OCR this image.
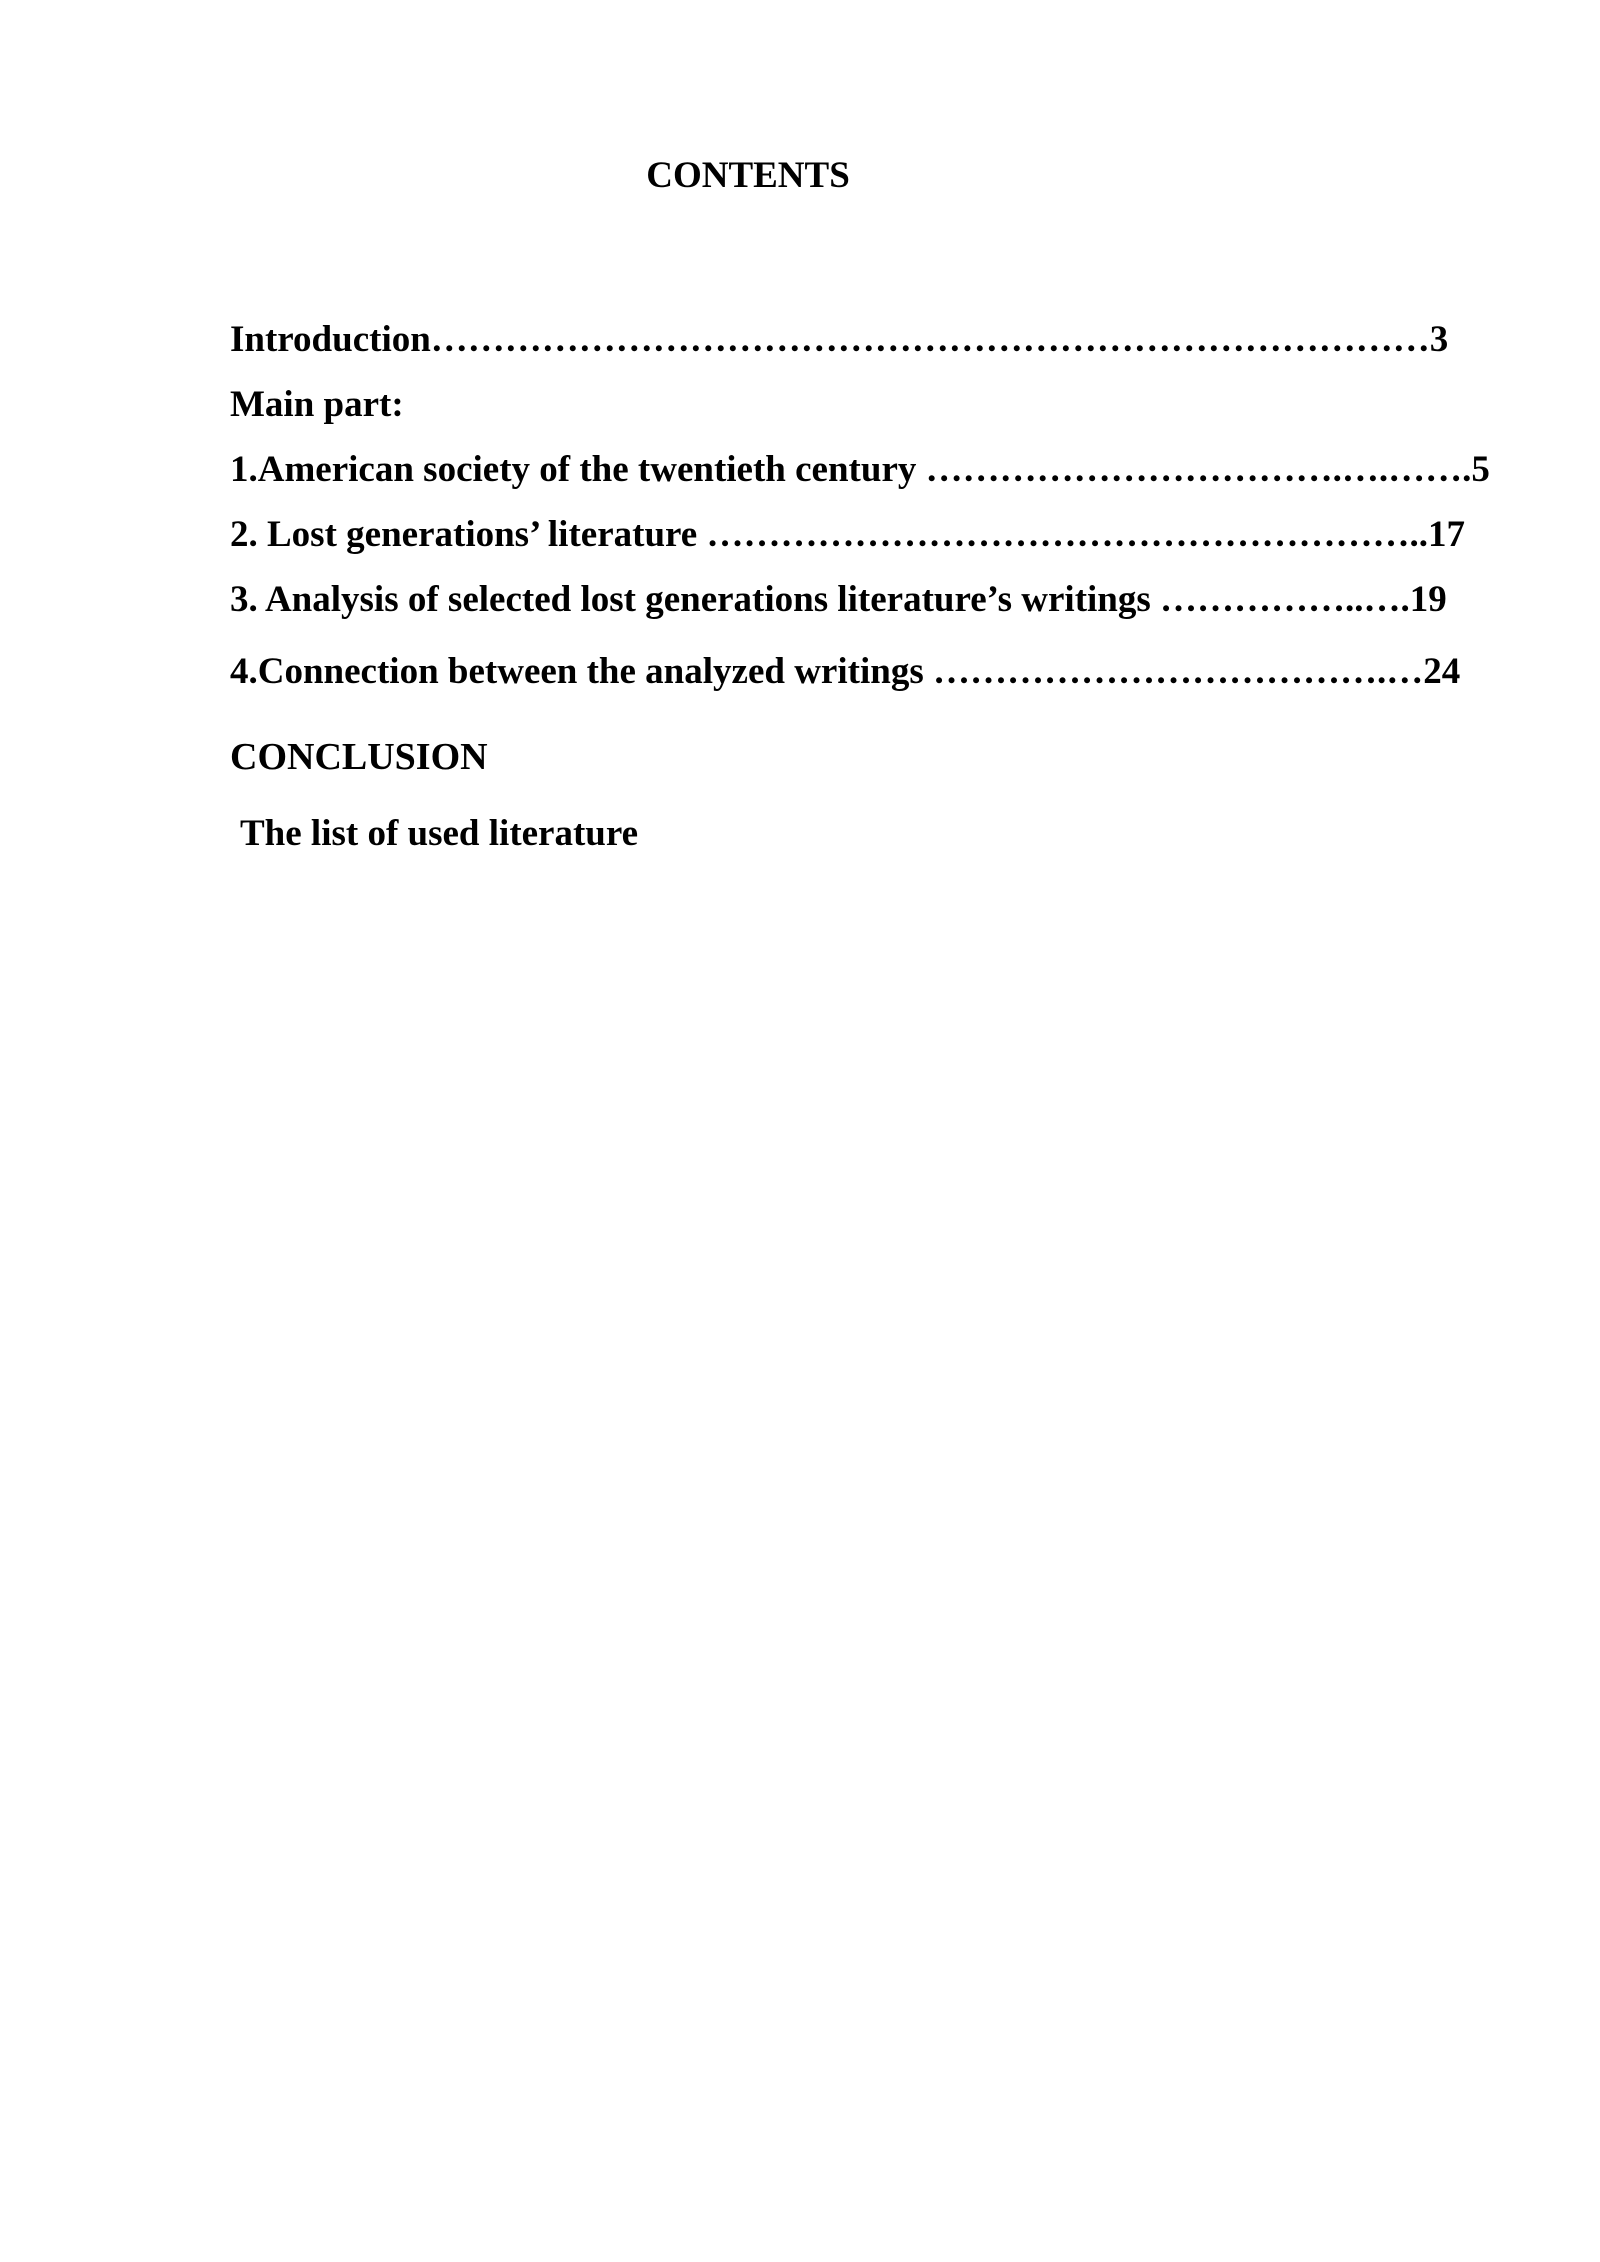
CONTENTS
Introduction………………………………………………………………………3
Main part:
1.American society of the twentieth century …………………………….….…….5
2. Lost generations’ literature …………………………………………………..17
3. Analysis of selected lost generations literature’s writings ……………..….19
4.Connection between the analyzed writings ……………………………….…24
CONCLUSION
The list of used literature
